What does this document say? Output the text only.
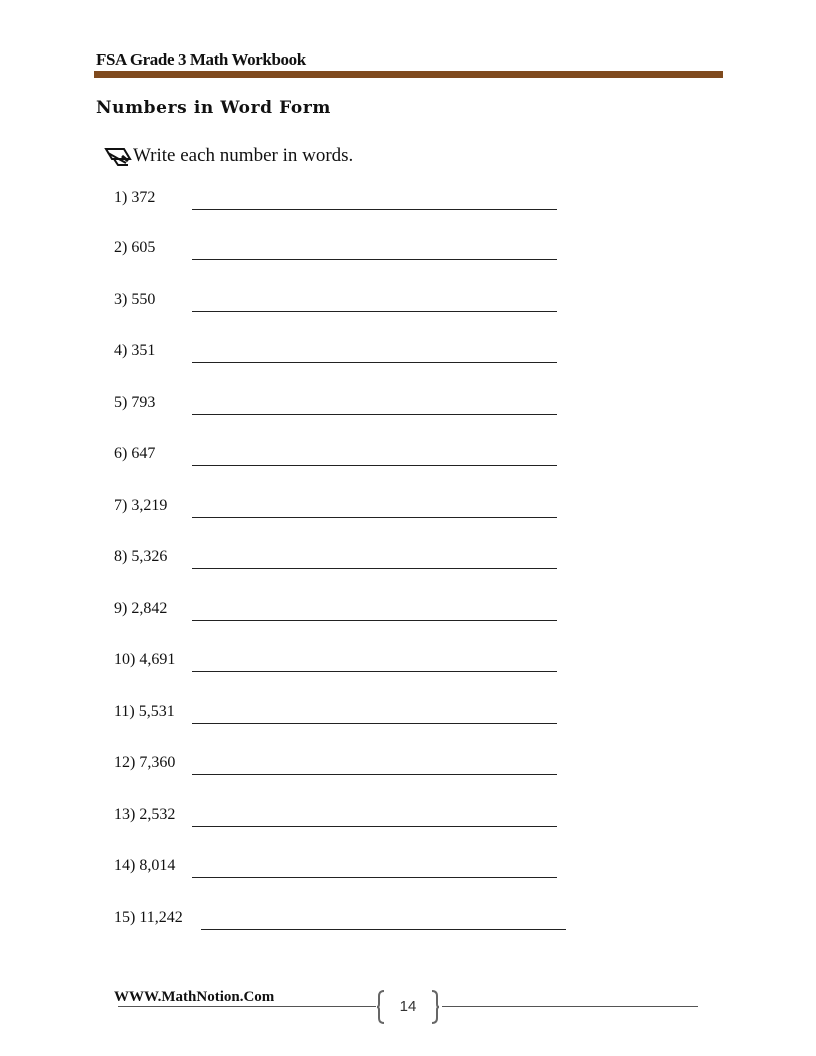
FSA Grade 3 Math Workbook
Numbers in Word Form
Write each number in words.
1) 372
2) 605
3) 550
4) 351
5) 793
6) 647
7) 3,219
8) 5,326
9) 2,842
10) 4,691
11) 5,531
12) 7,360
13) 2,532
14) 8,014
15) 11,242
WWW.MathNotion.Com
14
